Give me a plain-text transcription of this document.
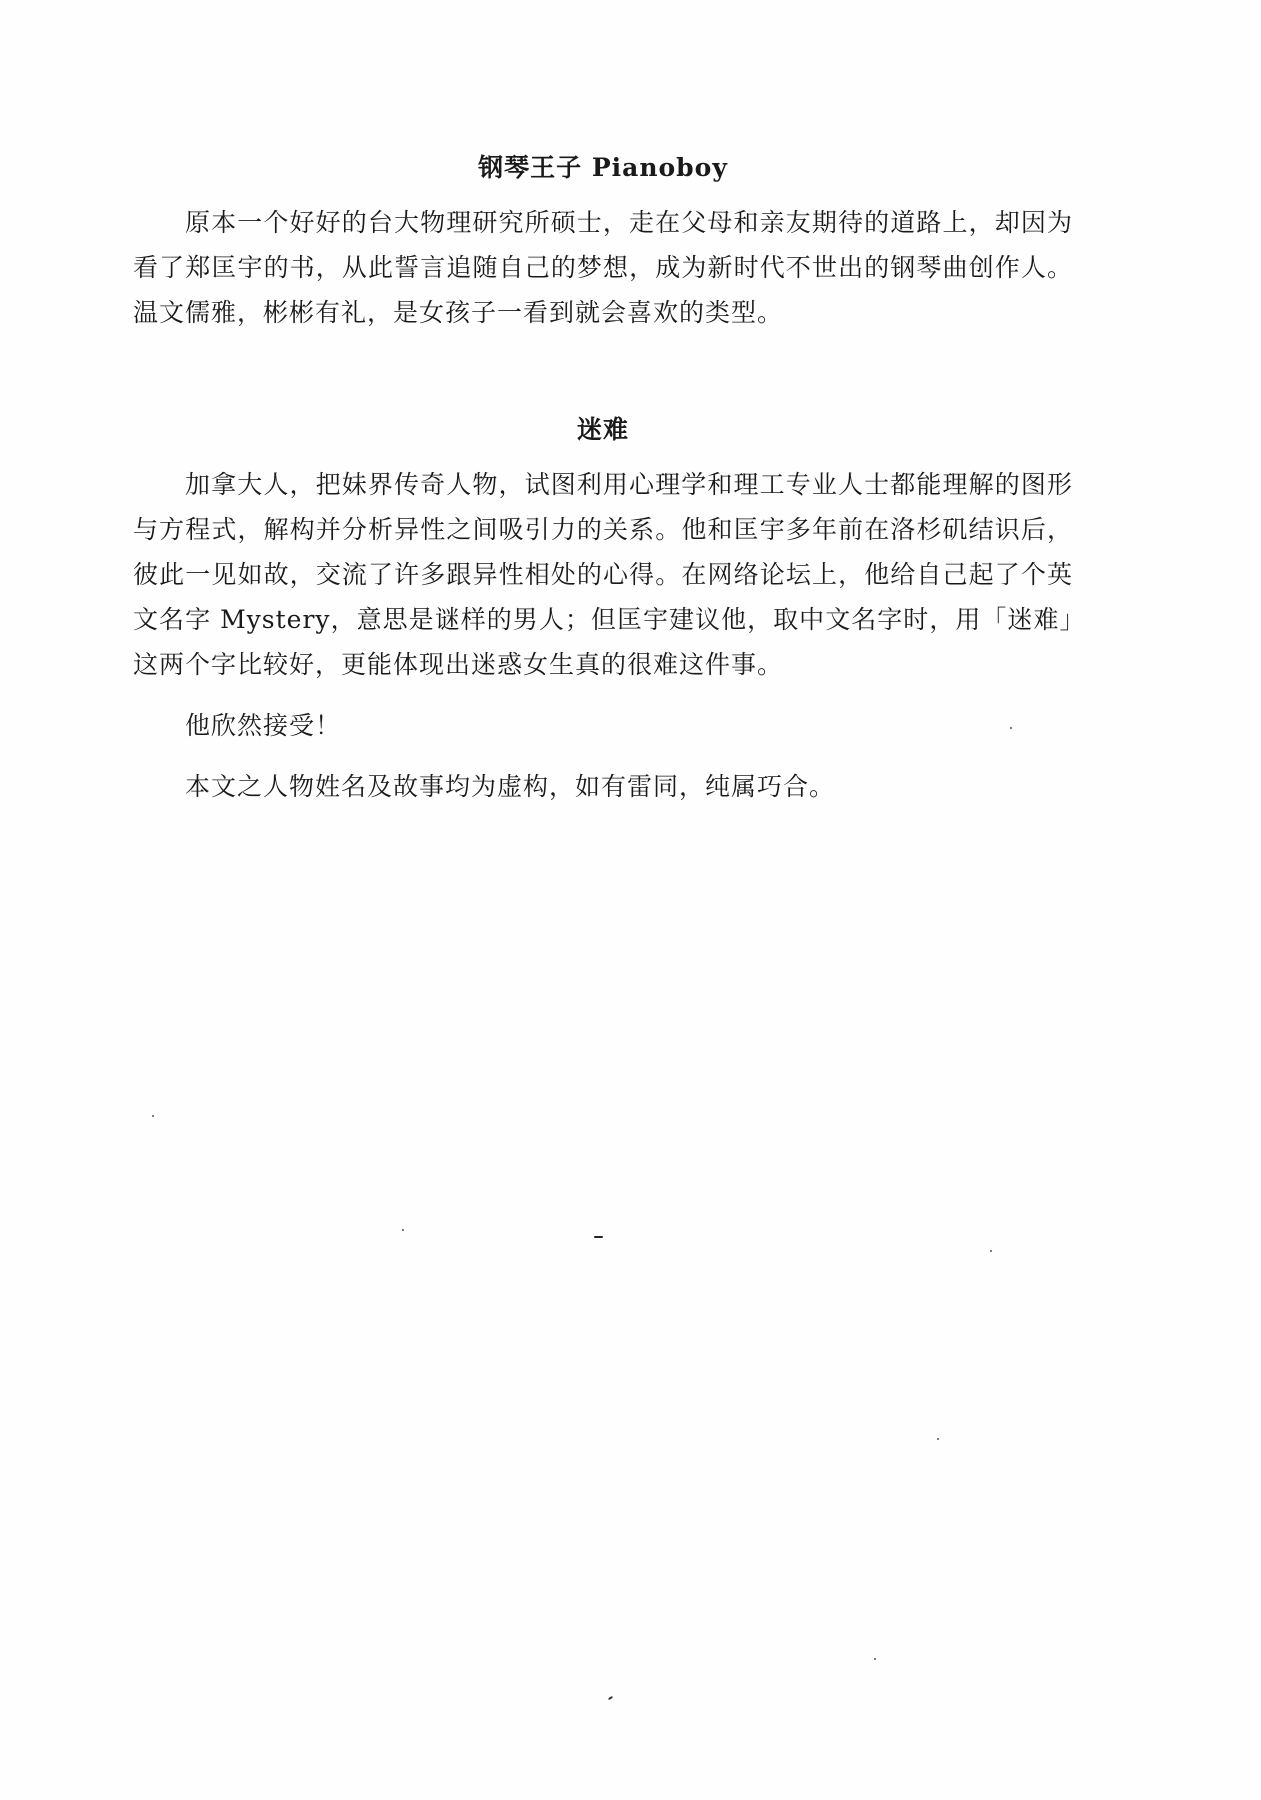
钢琴王子 Pianoboy

原本一个好好的台大物理研究所硕士，走在父母和亲友期待的道路上，却因为看了郑匡宇的书，从此誓言追随自己的梦想，成为新时代不世出的钢琴曲创作人。温文儒雅，彬彬有礼，是女孩子一看到就会喜欢的类型。

迷难

加拿大人，把妹界传奇人物，试图利用心理学和理工专业人士都能理解的图形与方程式，解构并分析异性之间吸引力的关系。他和匡宇多年前在洛杉矶结识后，彼此一见如故，交流了许多跟异性相处的心得。在网络论坛上，他给自己起了个英文名字 Mystery，意思是谜样的男人；但匡宇建议他，取中文名字时，用「迷难」这两个字比较好，更能体现出迷惑女生真的很难这件事。

他欣然接受！

本文之人物姓名及故事均为虚构，如有雷同，纯属巧合。
